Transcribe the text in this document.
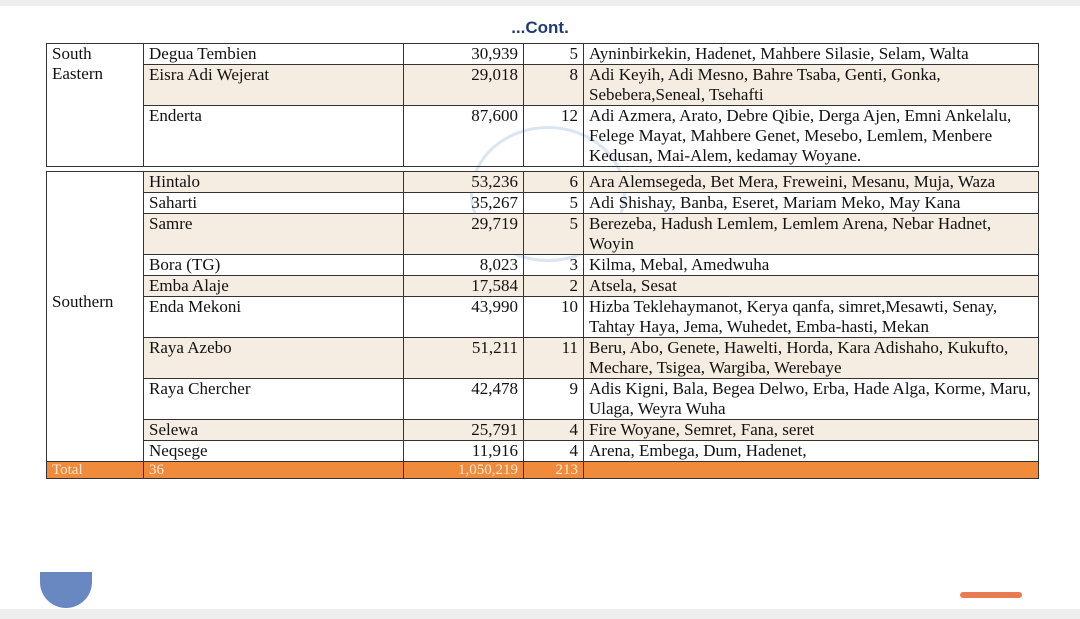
...Cont.
South
Eastern	Degua Tembien	30,939	5	Ayninbirkekin, Hadenet, Mahbere Silasie, Selam, Walta
	Eisra Adi Wejerat	29,018	8	Adi Keyih, Adi Mesno, Bahre Tsaba, Genti, Gonka, Sebebera,Seneal, Tsehafti
	Enderta	87,600	12	Adi Azmera, Arato, Debre Qibie, Derga Ajen, Emni Ankelalu, Felege Mayat, Mahbere Genet, Mesebo, Lemlem, Menbere Kedusan, Mai-Alem, kedamay Woyane.

Southern	Hintalo	53,236	6	Ara Alemsegeda, Bet Mera, Freweini, Mesanu, Muja, Waza
	Saharti	35,267	5	Adi Shishay, Banba, Eseret, Mariam Meko, May Kana
	Samre	29,719	5	Berezeba, Hadush Lemlem, Lemlem Arena, Nebar Hadnet, Woyin
	Bora (TG)	8,023	3	Kilma, Mebal, Amedwuha
	Emba Alaje	17,584	2	Atsela, Sesat
	Enda Mekoni	43,990	10	Hizba Teklehaymanot, Kerya qanfa, simret,Mesawti, Senay, Tahtay Haya, Jema, Wuhedet, Emba-hasti, Mekan
	Raya Azebo	51,211	11	Beru, Abo, Genete, Hawelti, Horda, Kara Adishaho, Kukufto, Mechare, Tsigea, Wargiba, Werebaye
	Raya Chercher	42,478	9	Adis Kigni, Bala, Begea Delwo, Erba, Hade Alga, Korme, Maru, Ulaga, Weyra Wuha
	Selewa	25,791	4	Fire Woyane, Semret, Fana, seret
	Neqsege	11,916	4	Arena, Embega, Dum, Hadenet,
Total	36	1,050,219	213	
